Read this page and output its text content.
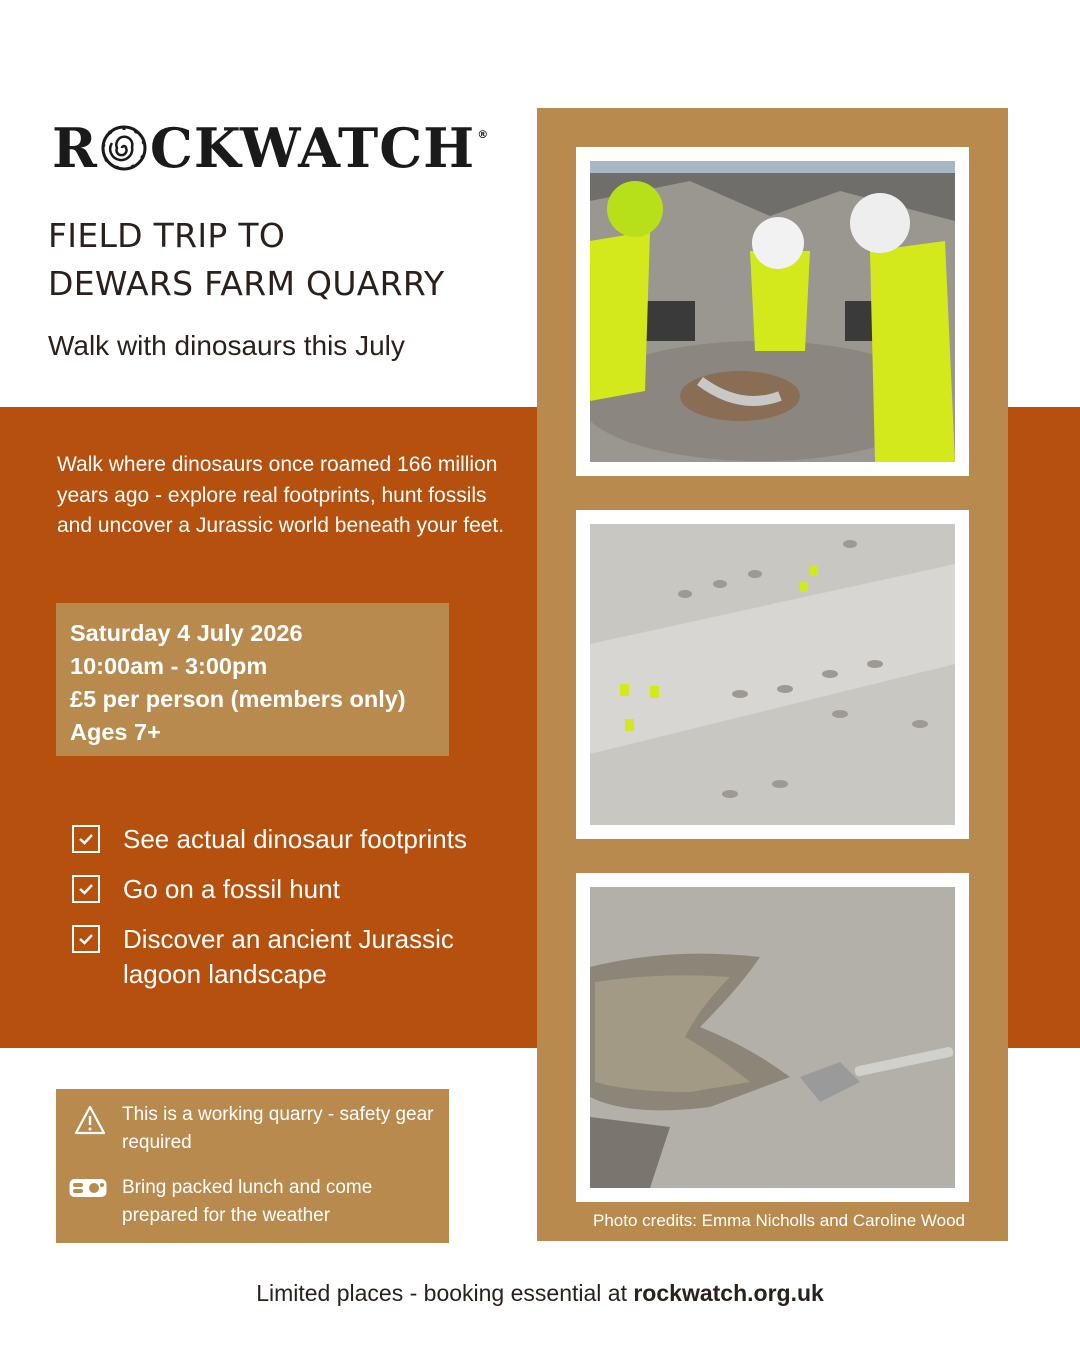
R CKWATCH ®
FIELD TRIP TO
DEWARS FARM QUARRY
Walk with dinosaurs this July
Walk where dinosaurs once roamed 166 million years ago - explore real footprints, hunt fossils and uncover a Jurassic world beneath your feet.
Saturday 4 July 2026
10:00am - 3:00pm
£5 per person (members only)
Ages 7+
See actual dinosaur footprints
Go on a fossil hunt
Discover an ancient Jurassic lagoon landscape
This is a working quarry - safety gear required
Bring packed lunch and come prepared for the weather	Photo credits: Emma Nicholls and Caroline Wood
Limited places - booking essential at rockwatch.org.uk
